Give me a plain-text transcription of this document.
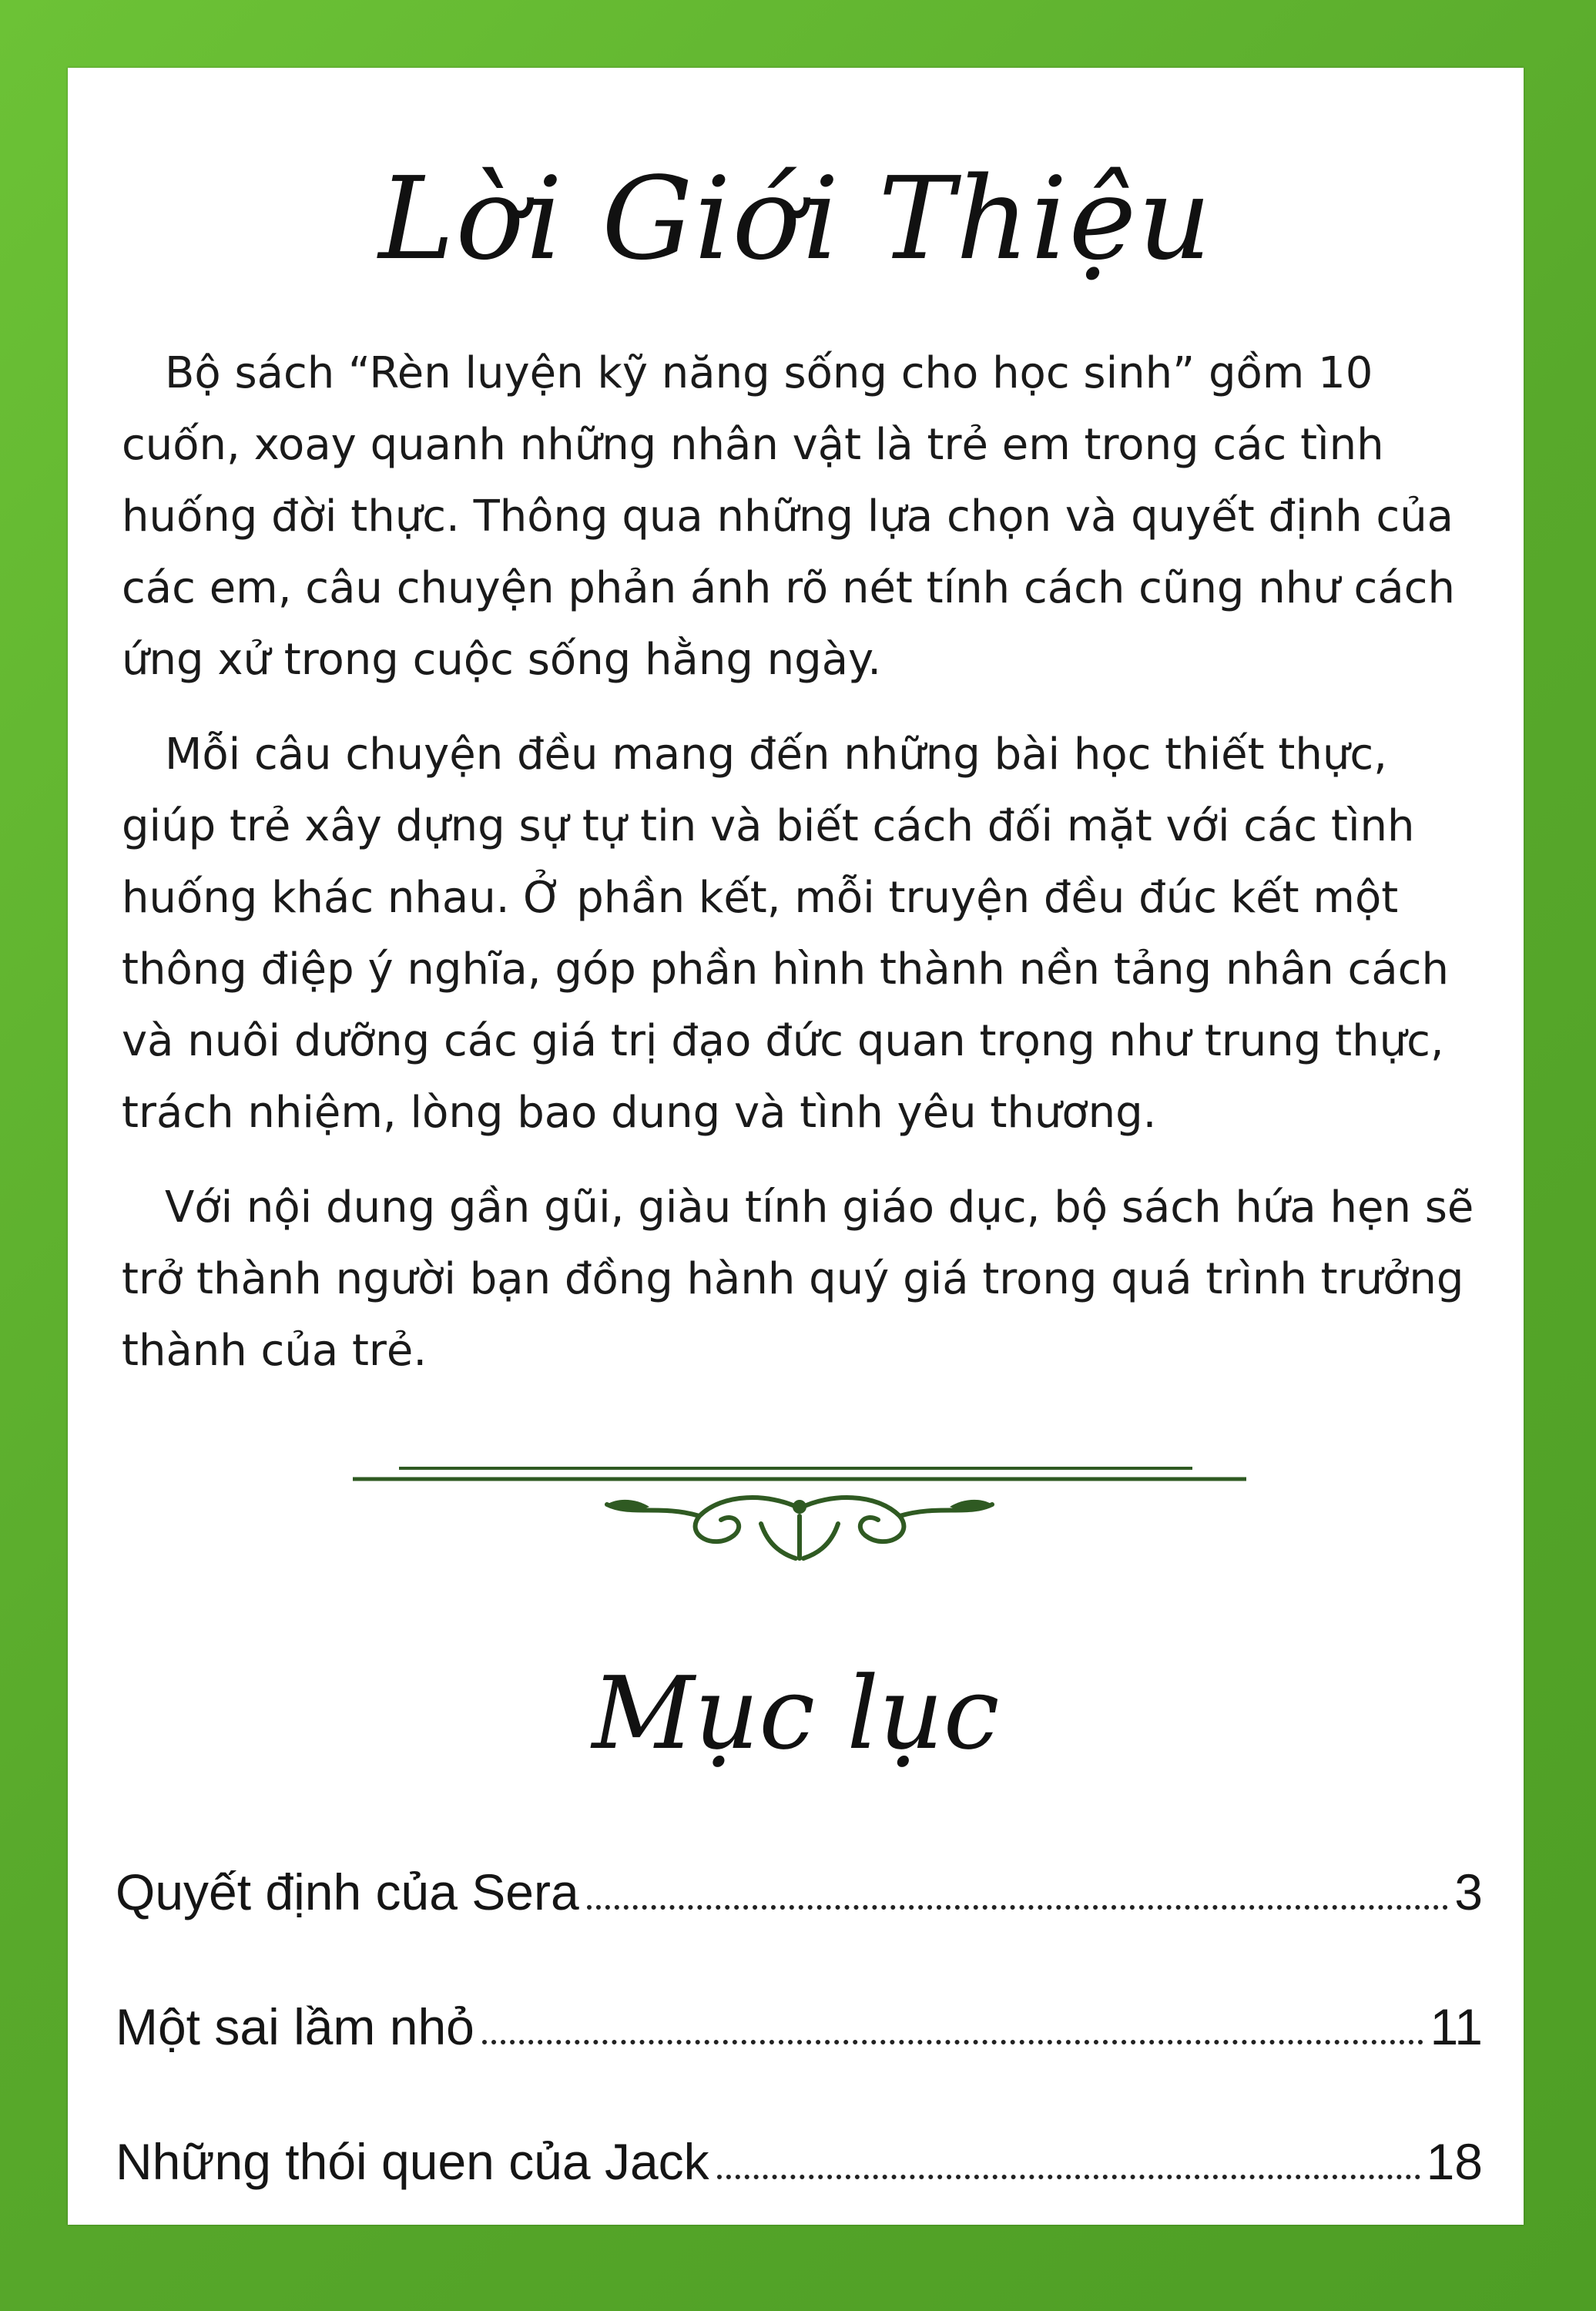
Lời Giới Thiệu

Bộ sách “Rèn luyện kỹ năng sống cho học sinh” gồm 10 cuốn, xoay quanh những nhân vật là trẻ em trong các tình huống đời thực. Thông qua những lựa chọn và quyết định của các em, câu chuyện phản ánh rõ nét tính cách cũng như cách ứng xử trong cuộc sống hằng ngày.

Mỗi câu chuyện đều mang đến những bài học thiết thực, giúp trẻ xây dựng sự tự tin và biết cách đối mặt với các tình huống khác nhau. Ở phần kết, mỗi truyện đều đúc kết một thông điệp ý nghĩa, góp phần hình thành nền tảng nhân cách và nuôi dưỡng các giá trị đạo đức quan trọng như trung thực, trách nhiệm, lòng bao dung và tình yêu thương.

Với nội dung gần gũi, giàu tính giáo dục, bộ sách hứa hẹn sẽ trở thành người bạn đồng hành quý giá trong quá trình trưởng thành của trẻ.

Mục lục
Quyết định của Sera	3
Một sai lầm nhỏ	11
Những thói quen của Jack	18
